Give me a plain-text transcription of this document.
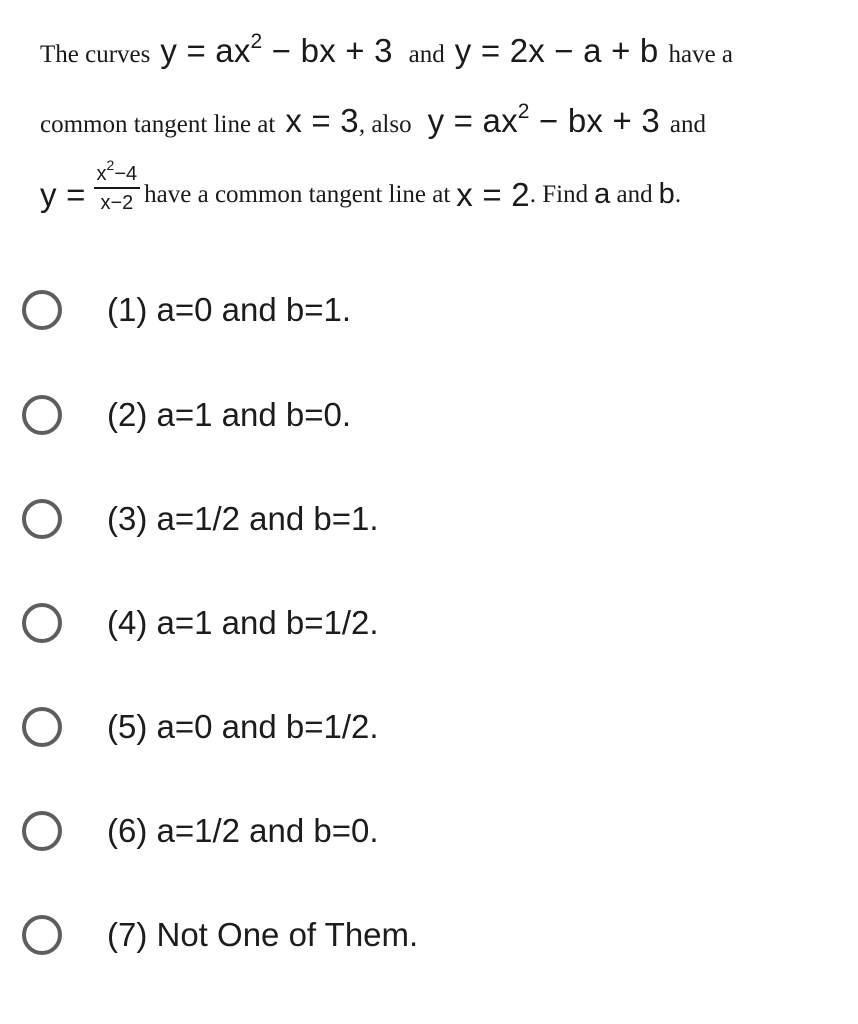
The curves $y = ax^2$ − bx + 3 and y = 2x − a + b have a
common tangent line at x = 3 , also $y = ax^2$ − bx + 3 and
$y = \frac{x^2-4}{x-2}$ have a common tangent line at x = 2 . Find a and b .
(1) a=0 and b=1.
(2) a=1 and b=0.
(3) a=1/2 and b=1.
(4) a=1 and b=1/2.
(5) a=0 and b=1/2.
(6) a=1/2 and b=0.
(7) Not One of Them.
